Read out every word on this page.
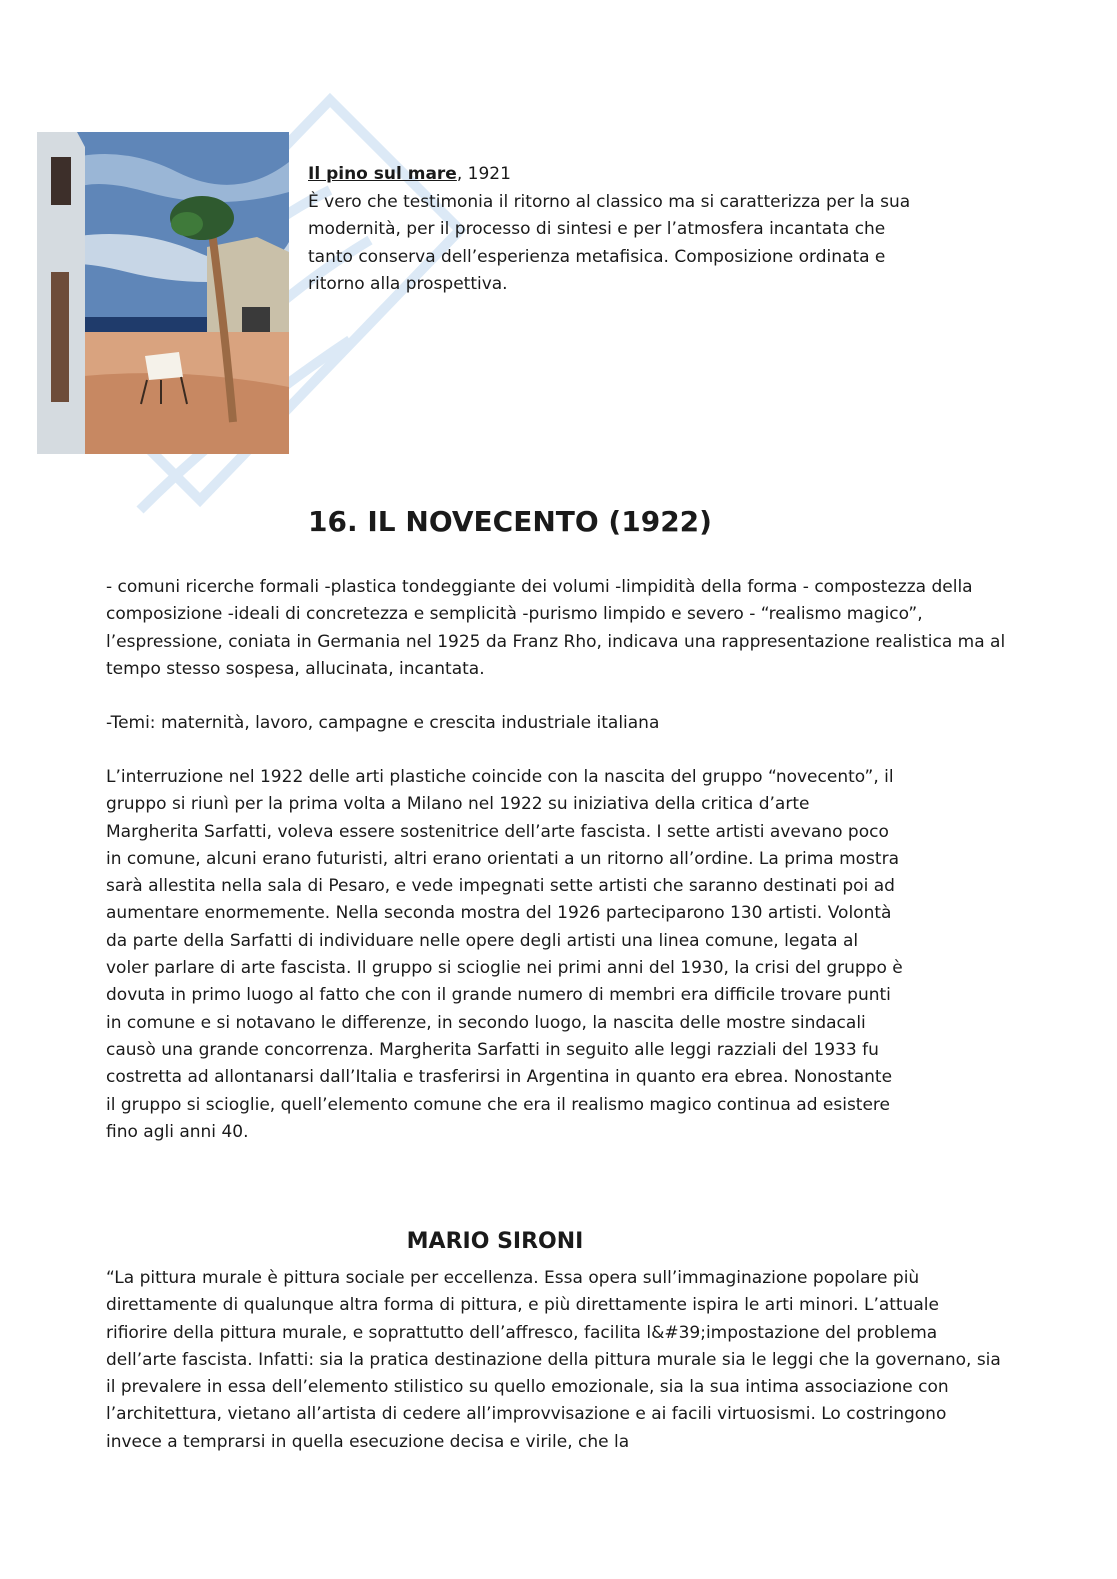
Il pino sul mare, 1921
È vero che testimonia il ritorno al classico ma si caratterizza per la sua modernità, per il processo di sintesi e per l’atmosfera incantata che tanto conserva dell’esperienza metafisica. Composizione ordinata e ritorno alla prospettiva.
16. IL NOVECENTO (1922)

- comuni ricerche formali -plastica tondeggiante dei volumi -limpidità della forma - compostezza della composizione -ideali di concretezza e semplicità -purismo limpido e severo - “realismo magico”, l’espressione, coniata in Germania nel 1925 da Franz Rho, indicava una rappresentazione realistica ma al tempo stesso sospesa, allucinata, incantata.

-Temi: maternità, lavoro, campagne e crescita industriale italiana

L’interruzione nel 1922 delle arti plastiche coincide con la nascita del gruppo “novecento”, il gruppo si riunì per la prima volta a Milano nel 1922 su iniziativa della critica d’arte Margherita Sarfatti, voleva essere sostenitrice dell’arte fascista. I sette artisti avevano poco in comune, alcuni erano futuristi, altri erano orientati a un ritorno all’ordine. La prima mostra sarà allestita nella sala di Pesaro, e vede impegnati sette artisti che saranno destinati poi ad aumentare enormemente. Nella seconda mostra del 1926 parteciparono 130 artisti. Volontà da parte della Sarfatti di individuare nelle opere degli artisti una linea comune, legata al voler parlare di arte fascista. Il gruppo si scioglie nei primi anni del 1930, la crisi del gruppo è dovuta in primo luogo al fatto che con il grande numero di membri era difficile trovare punti in comune e si notavano le differenze, in secondo luogo, la nascita delle mostre sindacali causò una grande concorrenza. Margherita Sarfatti in seguito alle leggi razziali del 1933 fu costretta ad allontanarsi dall’Italia e trasferirsi in Argentina in quanto era ebrea. Nonostante il gruppo si scioglie, quell’elemento comune che era il realismo magico continua ad esistere fino agli anni 40.

MARIO SIRONI

“La pittura murale è pittura sociale per eccellenza. Essa opera sull’immaginazione popolare più direttamente di qualunque altra forma di pittura, e più direttamente ispira le arti minori. L’attuale rifiorire della pittura murale, e soprattutto dell’affresco, facilita l&#39;impostazione del problema dell’arte fascista. Infatti: sia la pratica destinazione della pittura murale sia le leggi che la governano, sia il prevalere in essa dell’elemento stilistico su quello emozionale, sia la sua intima associazione con l’architettura, vietano all’artista di cedere all’improvvisazione e ai facili virtuosismi. Lo costringono invece a temprarsi in quella esecuzione decisa e virile, che la
